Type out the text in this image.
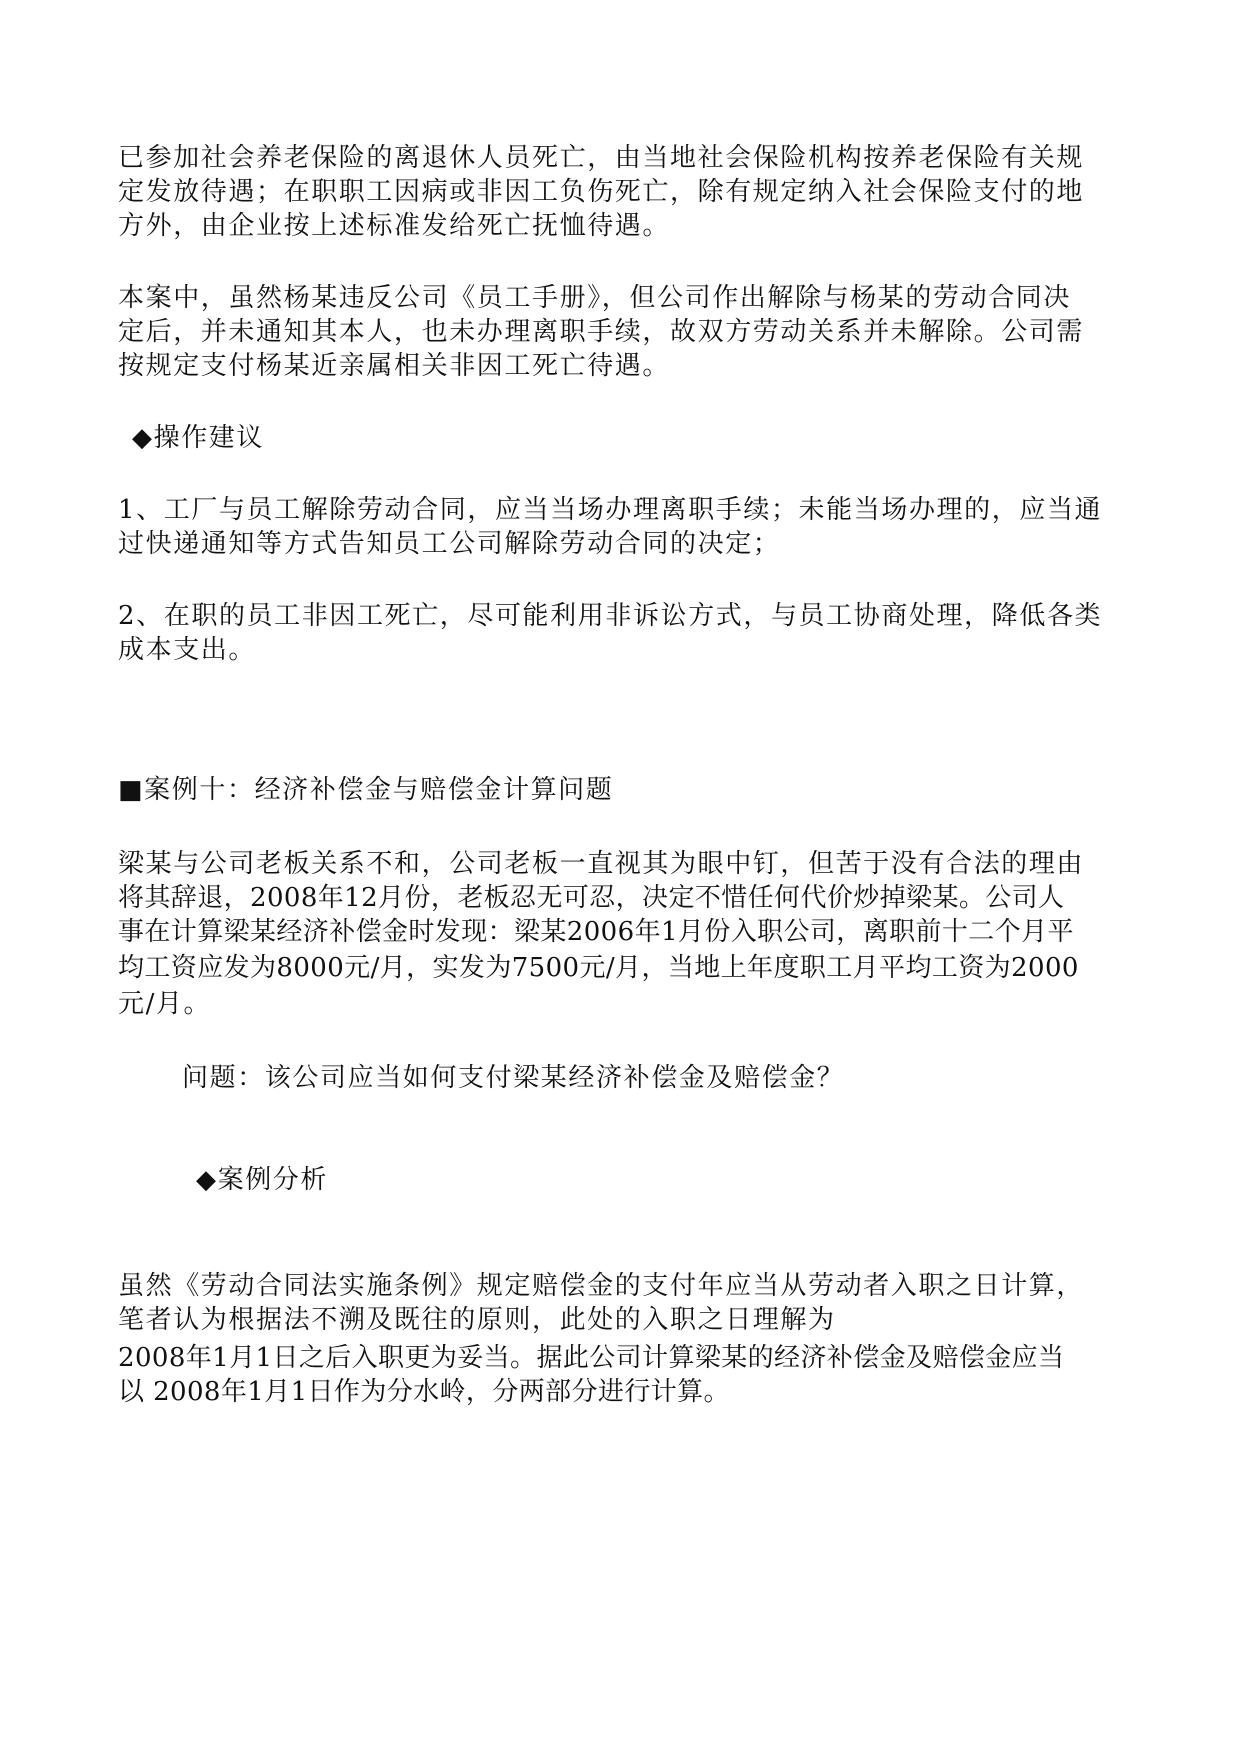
已参加社会养老保险的离退休人员死亡，由当地社会保险机构按养老保险有关规
定发放待遇；在职职工因病或非因工负伤死亡，除有规定纳入社会保险支付的地
方外，由企业按上述标准发给死亡抚恤待遇。
本案中，虽然杨某违反公司《员工手册》，但公司作出解除与杨某的劳动合同决
定后，并未通知其本人，也未办理离职手续，故双方劳动关系并未解除。公司需
按规定支付杨某近亲属相关非因工死亡待遇。
◆操作建议
1、工厂与员工解除劳动合同，应当当场办理离职手续；未能当场办理的，应当通
过快递通知等方式告知员工公司解除劳动合同的决定；
2、在职的员工非因工死亡，尽可能利用非诉讼方式，与员工协商处理，降低各类
成本支出。
■案例十：经济补偿金与赔偿金计算问题
梁某与公司老板关系不和，公司老板一直视其为眼中钉，但苦于没有合法的理由
将其辞退，2008年12月份，老板忍无可忍，决定不惜任何代价炒掉梁某。公司人
事在计算梁某经济补偿金时发现：梁某2006年1月份入职公司，离职前十二个月平
均工资应发为8000元/月，实发为7500元/月，当地上年度职工月平均工资为2000
元/月。
问题：该公司应当如何支付梁某经济补偿金及赔偿金？
◆案例分析
虽然《劳动合同法实施条例》规定赔偿金的支付年应当从劳动者入职之日计算，
笔者认为根据法不溯及既往的原则，此处的入职之日理解为
2008年1月1日之后入职更为妥当。据此公司计算梁某的经济补偿金及赔偿金应当
以 2008年1月1日作为分水岭，分两部分进行计算。
